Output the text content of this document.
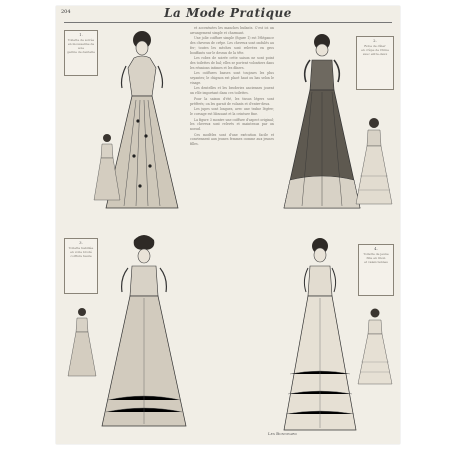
204	La Mode Pratique
1.
Toilette de soirée
en mousseline de soie
garnie de dentelle
2.
Robe de dîner
en crêpe de Chine
avec entre-deux
3.
Toilette habillée
en voile brodé
coiffure haute
4.
Toilette de jeune
fille en linon
et valenciennes

et accentuées les manches bufants. C'est ici un arrangement simple et charmant.

Une jolie coiffure simple (figure 1) est l'élégance des cheveux de crêpe. Les cheveux sont ondulés au fer; toutes les mèches sont relevées en gros bouffants sur le dessus de la tête.

Les robes de soirée cette saison ne sont point des toilettes de bal; elles se portent volontiers dans les réunions intimes et les dîners.

Les coiffures basses sont toujours les plus seyantes; le chignon est placé haut ou bas selon le visage.

Les dentelles et les broderies anciennes jouent un rôle important dans ces toilettes.

Pour la saison d'été, les tissus légers sont préférés; on les garnit de volants et d'entre-deux.

Les jupes sont longues, avec une traîne légère; le corsage est blousant et la ceinture fine.

La figure 3 montre une coiffure d'aspect original; les cheveux sont relevés et maintenus par un noeud.

Ces modèles sont d'une exécution facile et conviennent aux jeunes femmes comme aux jeunes filles.

Les Bonnivard
